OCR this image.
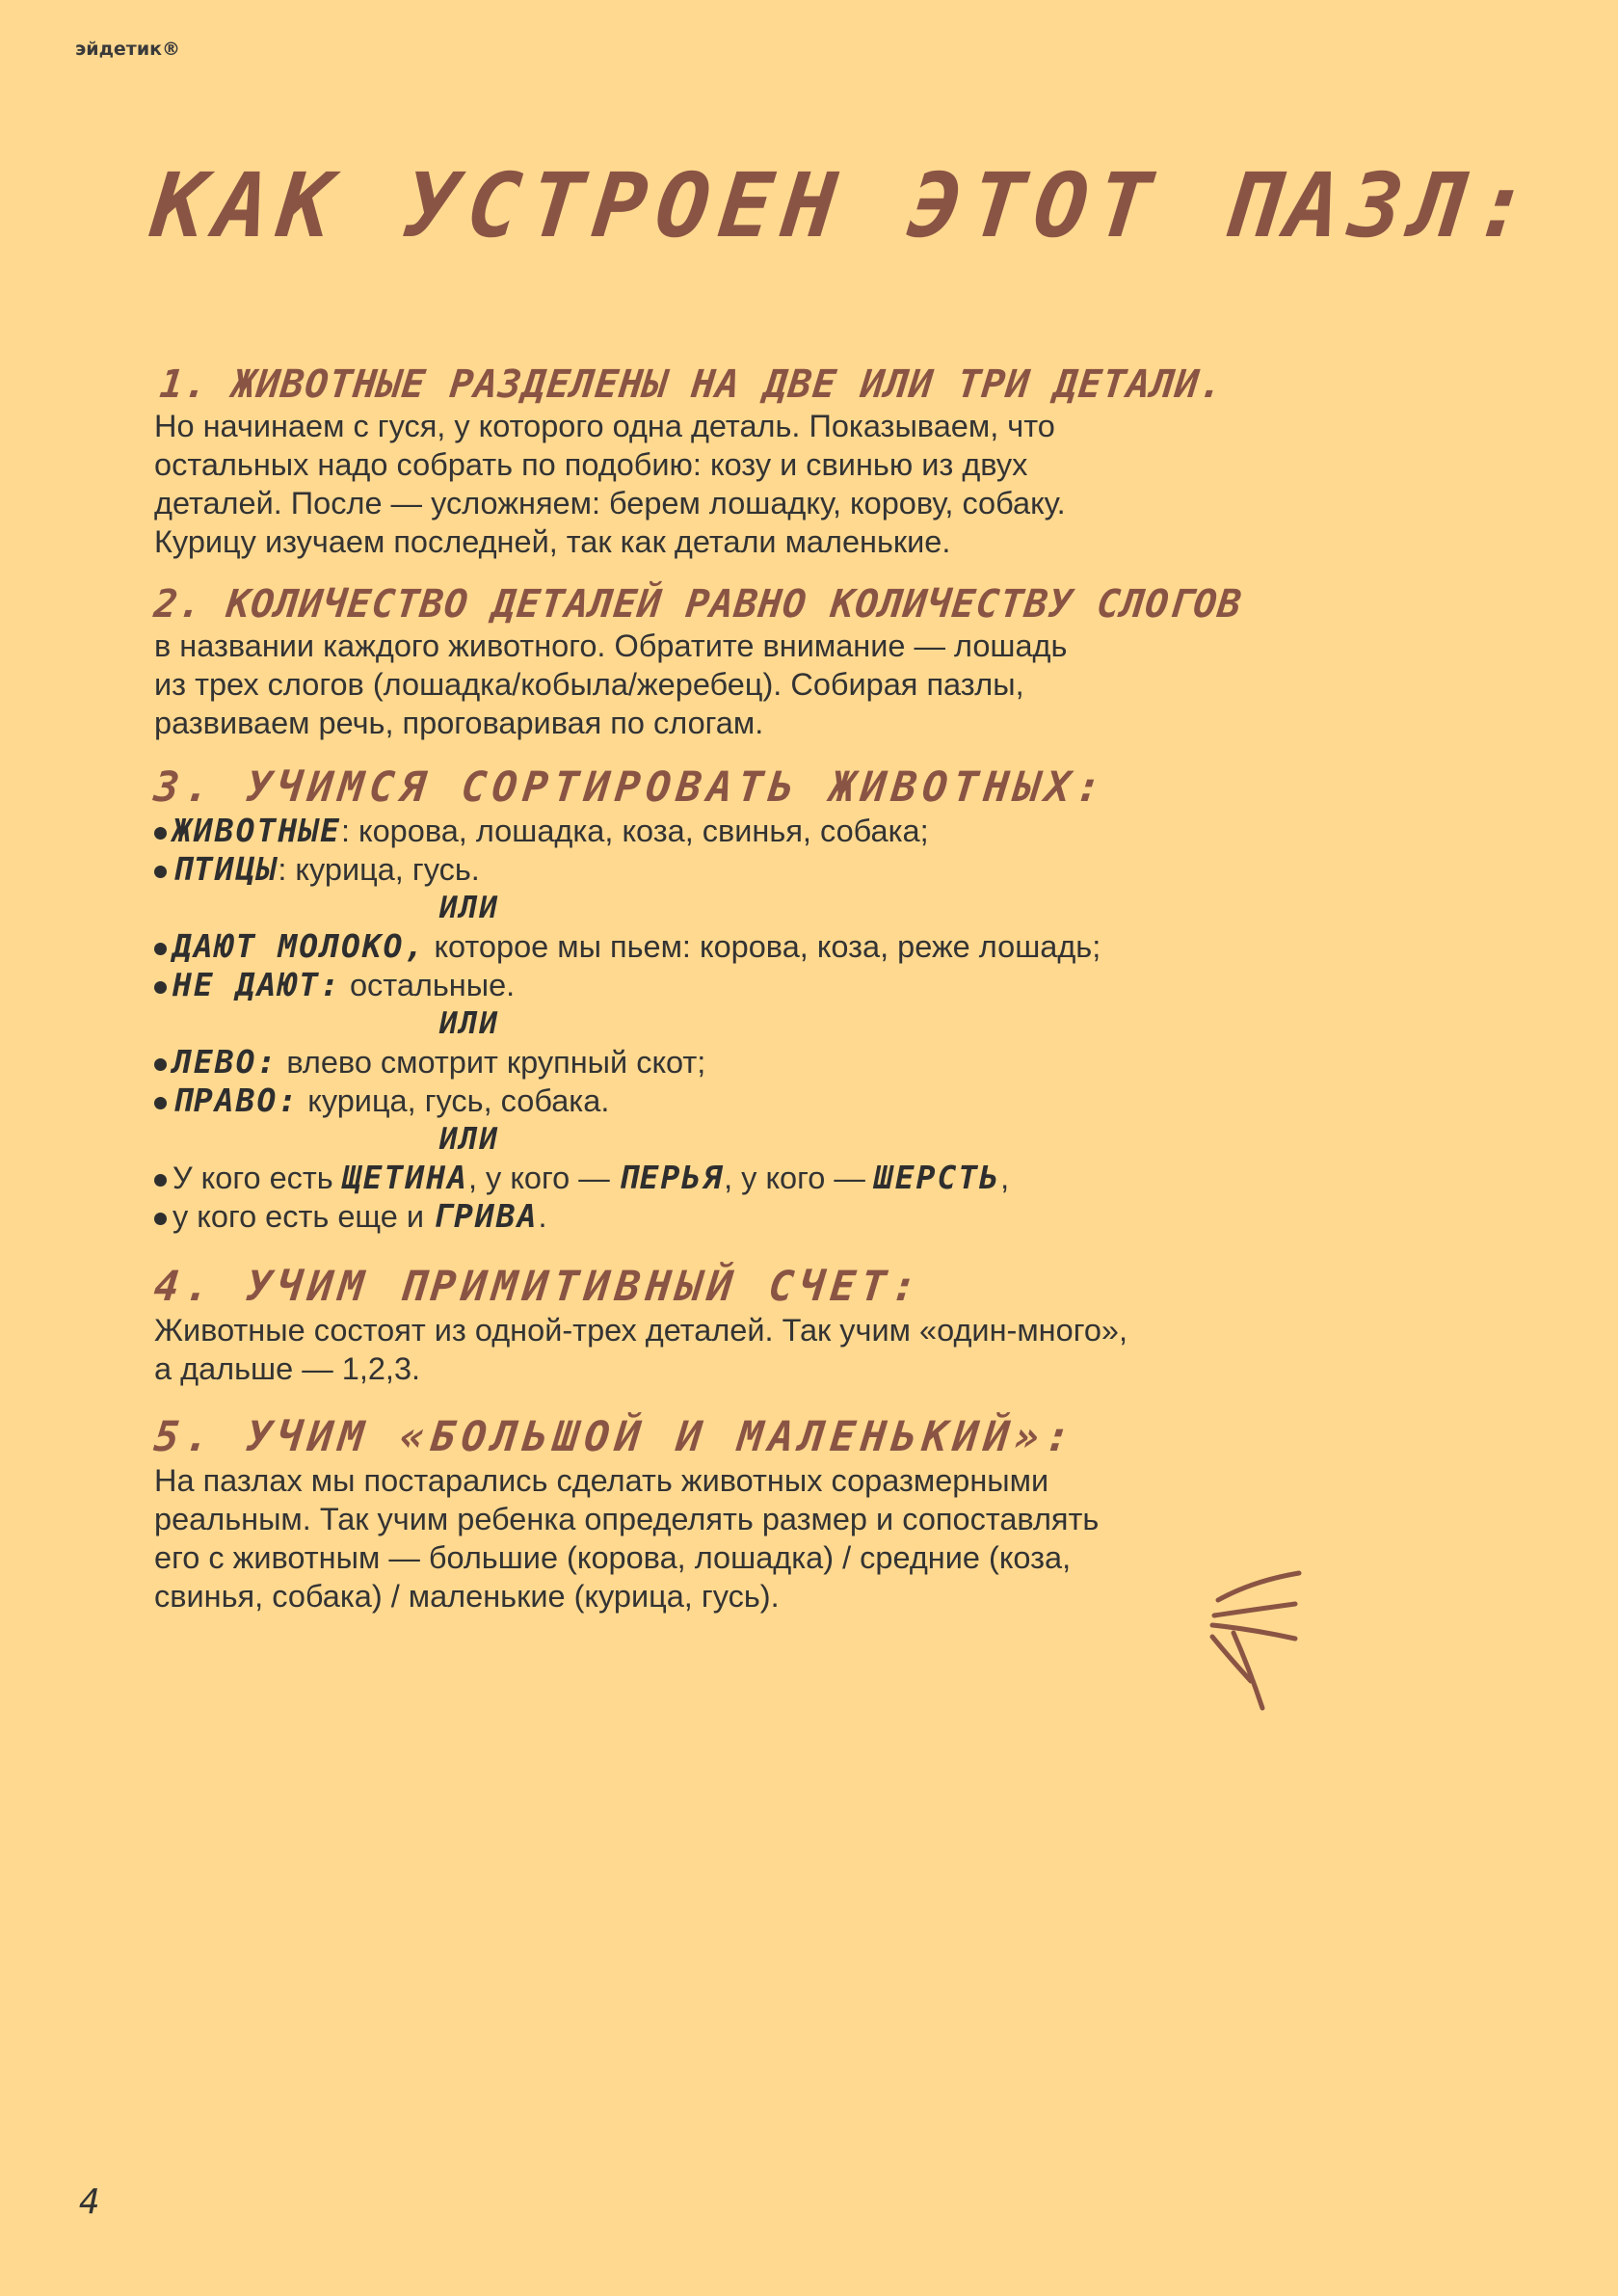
эйдетик®
КАК УСТРОЕН ЭТОТ ПАЗЛ:
1. ЖИВОТНЫЕ РАЗДЕЛЕНЫ НА ДВЕ ИЛИ ТРИ ДЕТАЛИ.

Но начинаем с гуся, у которого одна деталь. Показываем, что
остальных надо собрать по подобию: козу и свинью из двух
деталей. После — усложняем: берем лошадку, корову, собаку.
Курицу изучаем последней, так как детали маленькие.

2. КОЛИЧЕСТВО ДЕТАЛЕЙ РАВНО КОЛИЧЕСТВУ СЛОГОВ

в названии каждого животного. Обратите внимание — лошадь
из трех слогов (лошадка/кобыла/жеребец). Собирая пазлы,
развиваем речь, проговаривая по слогам.

3. УЧИМСЯ СОРТИРОВАТЬ ЖИВОТНЫХ:
ЖИВОТНЫЕ: корова, лошадка, коза, свинья, собака;
ПТИЦЫ: курица, гусь.
ИЛИ
ДАЮТ МОЛОКО, которое мы пьем: корова, коза, реже лошадь;
НЕ ДАЮТ: остальные.
ИЛИ
ЛЕВО: влево смотрит крупный скот;
ПРАВО: курица, гусь, собака.
ИЛИ
У кого есть ЩЕТИНА, у кого — ПЕРЬЯ, у кого — ШЕРСТЬ,
у кого есть еще и ГРИВА.
4. УЧИМ ПРИМИТИВНЫЙ СЧЕТ:

Животные состоят из одной-трех деталей. Так учим «один-много»,
а дальше — 1,2,3.

5. УЧИМ «БОЛЬШОЙ И МАЛЕНЬКИЙ»:

На пазлах мы постарались сделать животных соразмерными
реальным. Так учим ребенка определять размер и сопоставлять
его с животным — большие (корова, лошадка) / средние (коза,
свинья, собака) / маленькие (курица, гусь).

4
